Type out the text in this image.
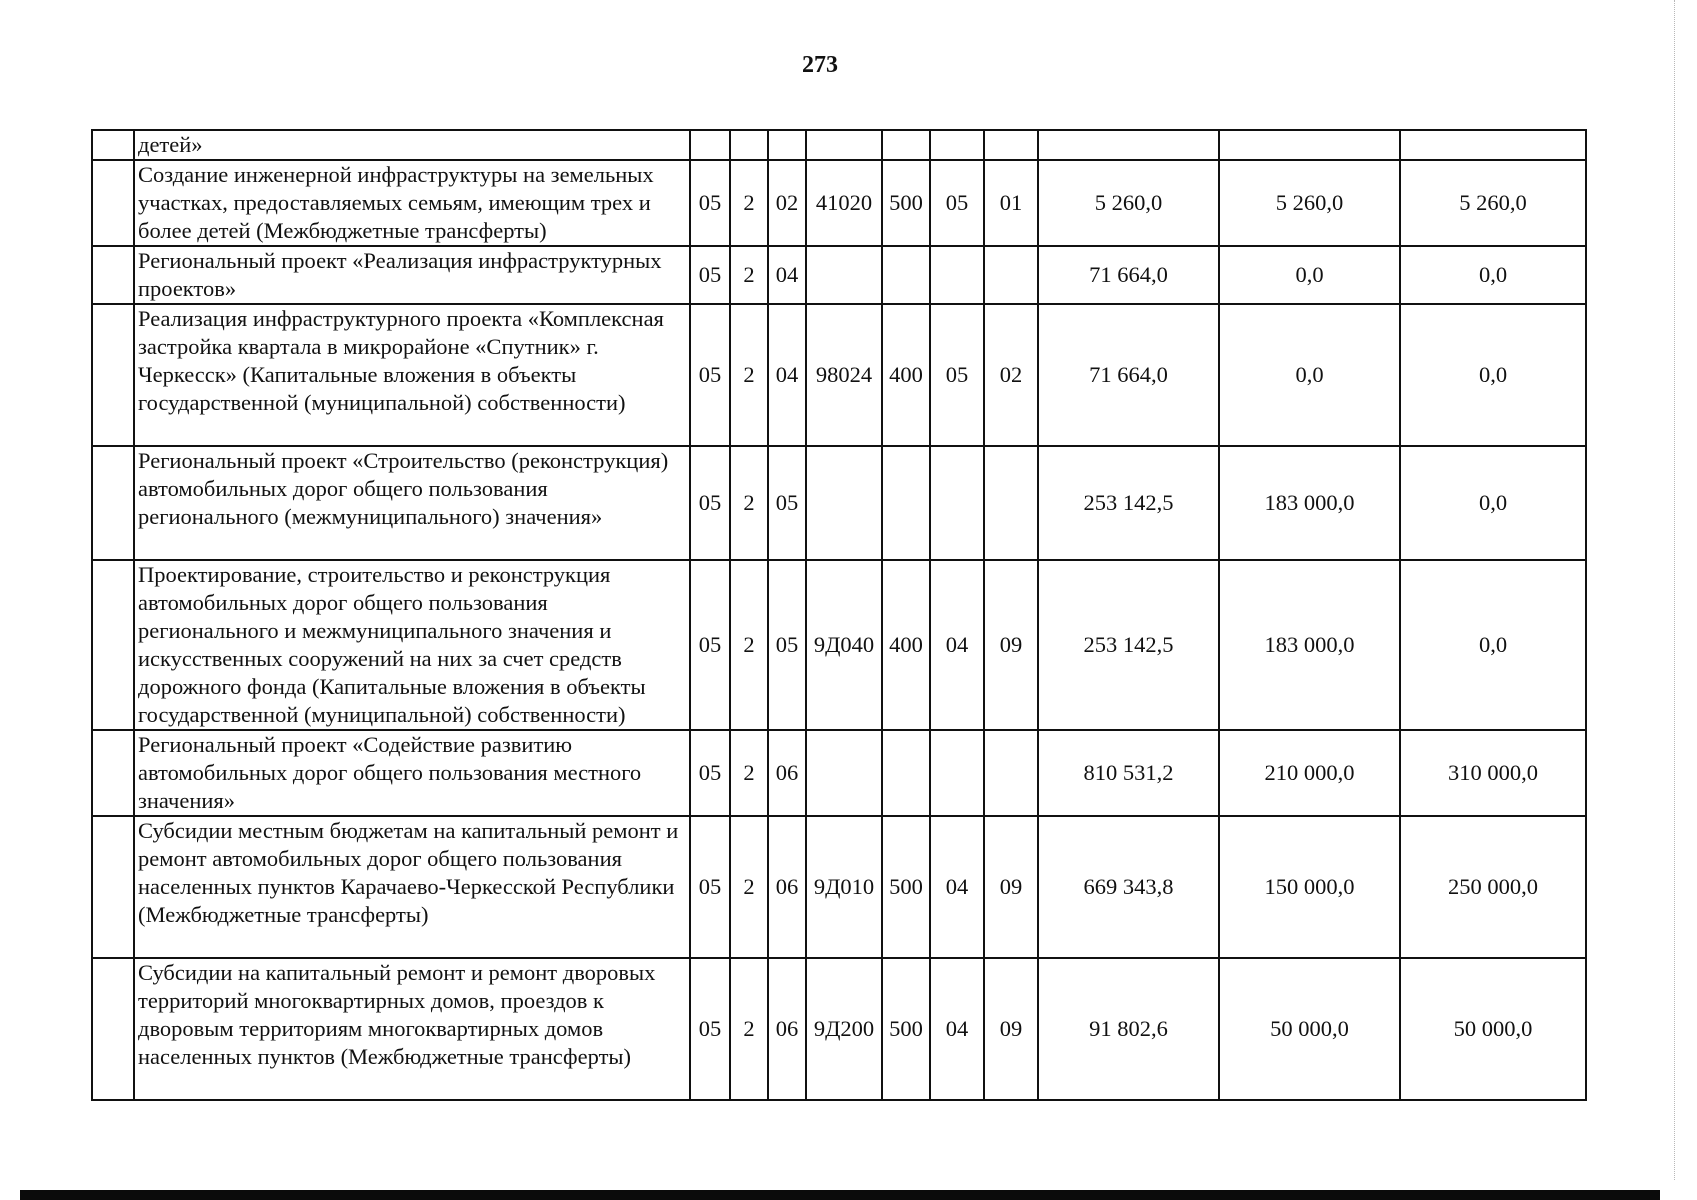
273
	детей»										
	Создание инженерной инфраструктуры на земельных участках, предоставляемых семьям, имеющим трех и более детей (Межбюджетные трансферты)	05	2	02	41020	500	05	01	5 260,0	5 260,0	5 260,0
	Региональный проект «Реализация инфраструктурных проектов»	05	2	04					71 664,0	0,0	0,0
	Реализация инфраструктурного проекта «Комплексная застройка квартала в микрорайоне «Спутник» г. Черкесск» (Капитальные вложения в объекты государственной (муниципальной) собственности)	05	2	04	98024	400	05	02	71 664,0	0,0	0,0
	Региональный проект «Строительство (реконструкция) автомобильных дорог общего пользования регионального (межмуниципального) значения»	05	2	05					253 142,5	183 000,0	0,0
	Проектирование, строительство и реконструкция автомобильных дорог общего пользования регионального и межмуниципального значения и искусственных сооружений на них за счет средств дорожного фонда (Капитальные вложения в объекты государственной (муниципальной) собственности)	05	2	05	9Д040	400	04	09	253 142,5	183 000,0	0,0
	Региональный проект «Содействие развитию автомобильных дорог общего пользования местного значения»	05	2	06					810 531,2	210 000,0	310 000,0
	Субсидии местным бюджетам на капитальный ремонт и ремонт автомобильных дорог общего пользования населенных пунктов Карачаево-Черкесской Республики (Межбюджетные трансферты)	05	2	06	9Д010	500	04	09	669 343,8	150 000,0	250 000,0
	Субсидии на капитальный ремонт и ремонт дворовых территорий многоквартирных домов, проездов к дворовым территориям многоквартирных домов населенных пунктов (Межбюджетные трансферты)	05	2	06	9Д200	500	04	09	91 802,6	50 000,0	50 000,0
